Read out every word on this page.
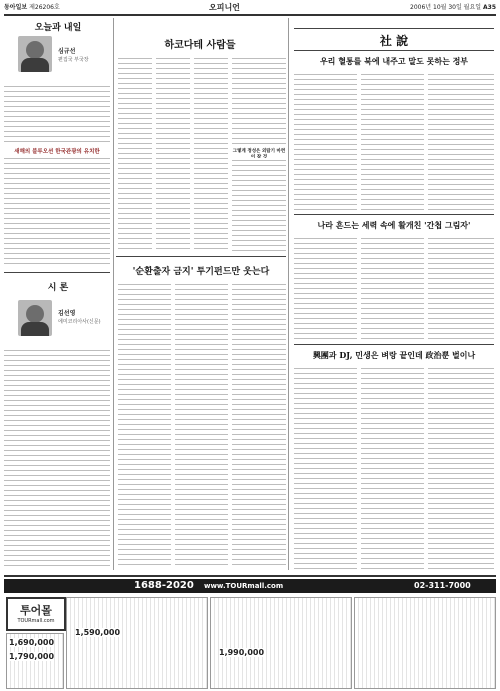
동아일보 제26206호	오피니언	2006년 10월 30일 월요일 A35
오늘과 내일
심규선
편집국 부국장
새해의 블루오션 한국관광의 유치한
시 론
김선영
에미코리아사(신문)
하코다테 사람들
그렇게 정성은 외랍기 마련
'순환출자 금지' 투기펀드만 웃는다
社 說
우리 혈통를 북에 내주고 말도 못하는 정부
나라 흔드는 세력 속에 활개친 '간첩 그림자'
興團과 DJ, 민생은 벼랑 끝인데 政治뿐 벌이나
1688-2020 www.TOURmall.com	02-311-7000
투어몰
TOURmall.com
1,690,000
1,790,000
1,590,000
1,990,000
